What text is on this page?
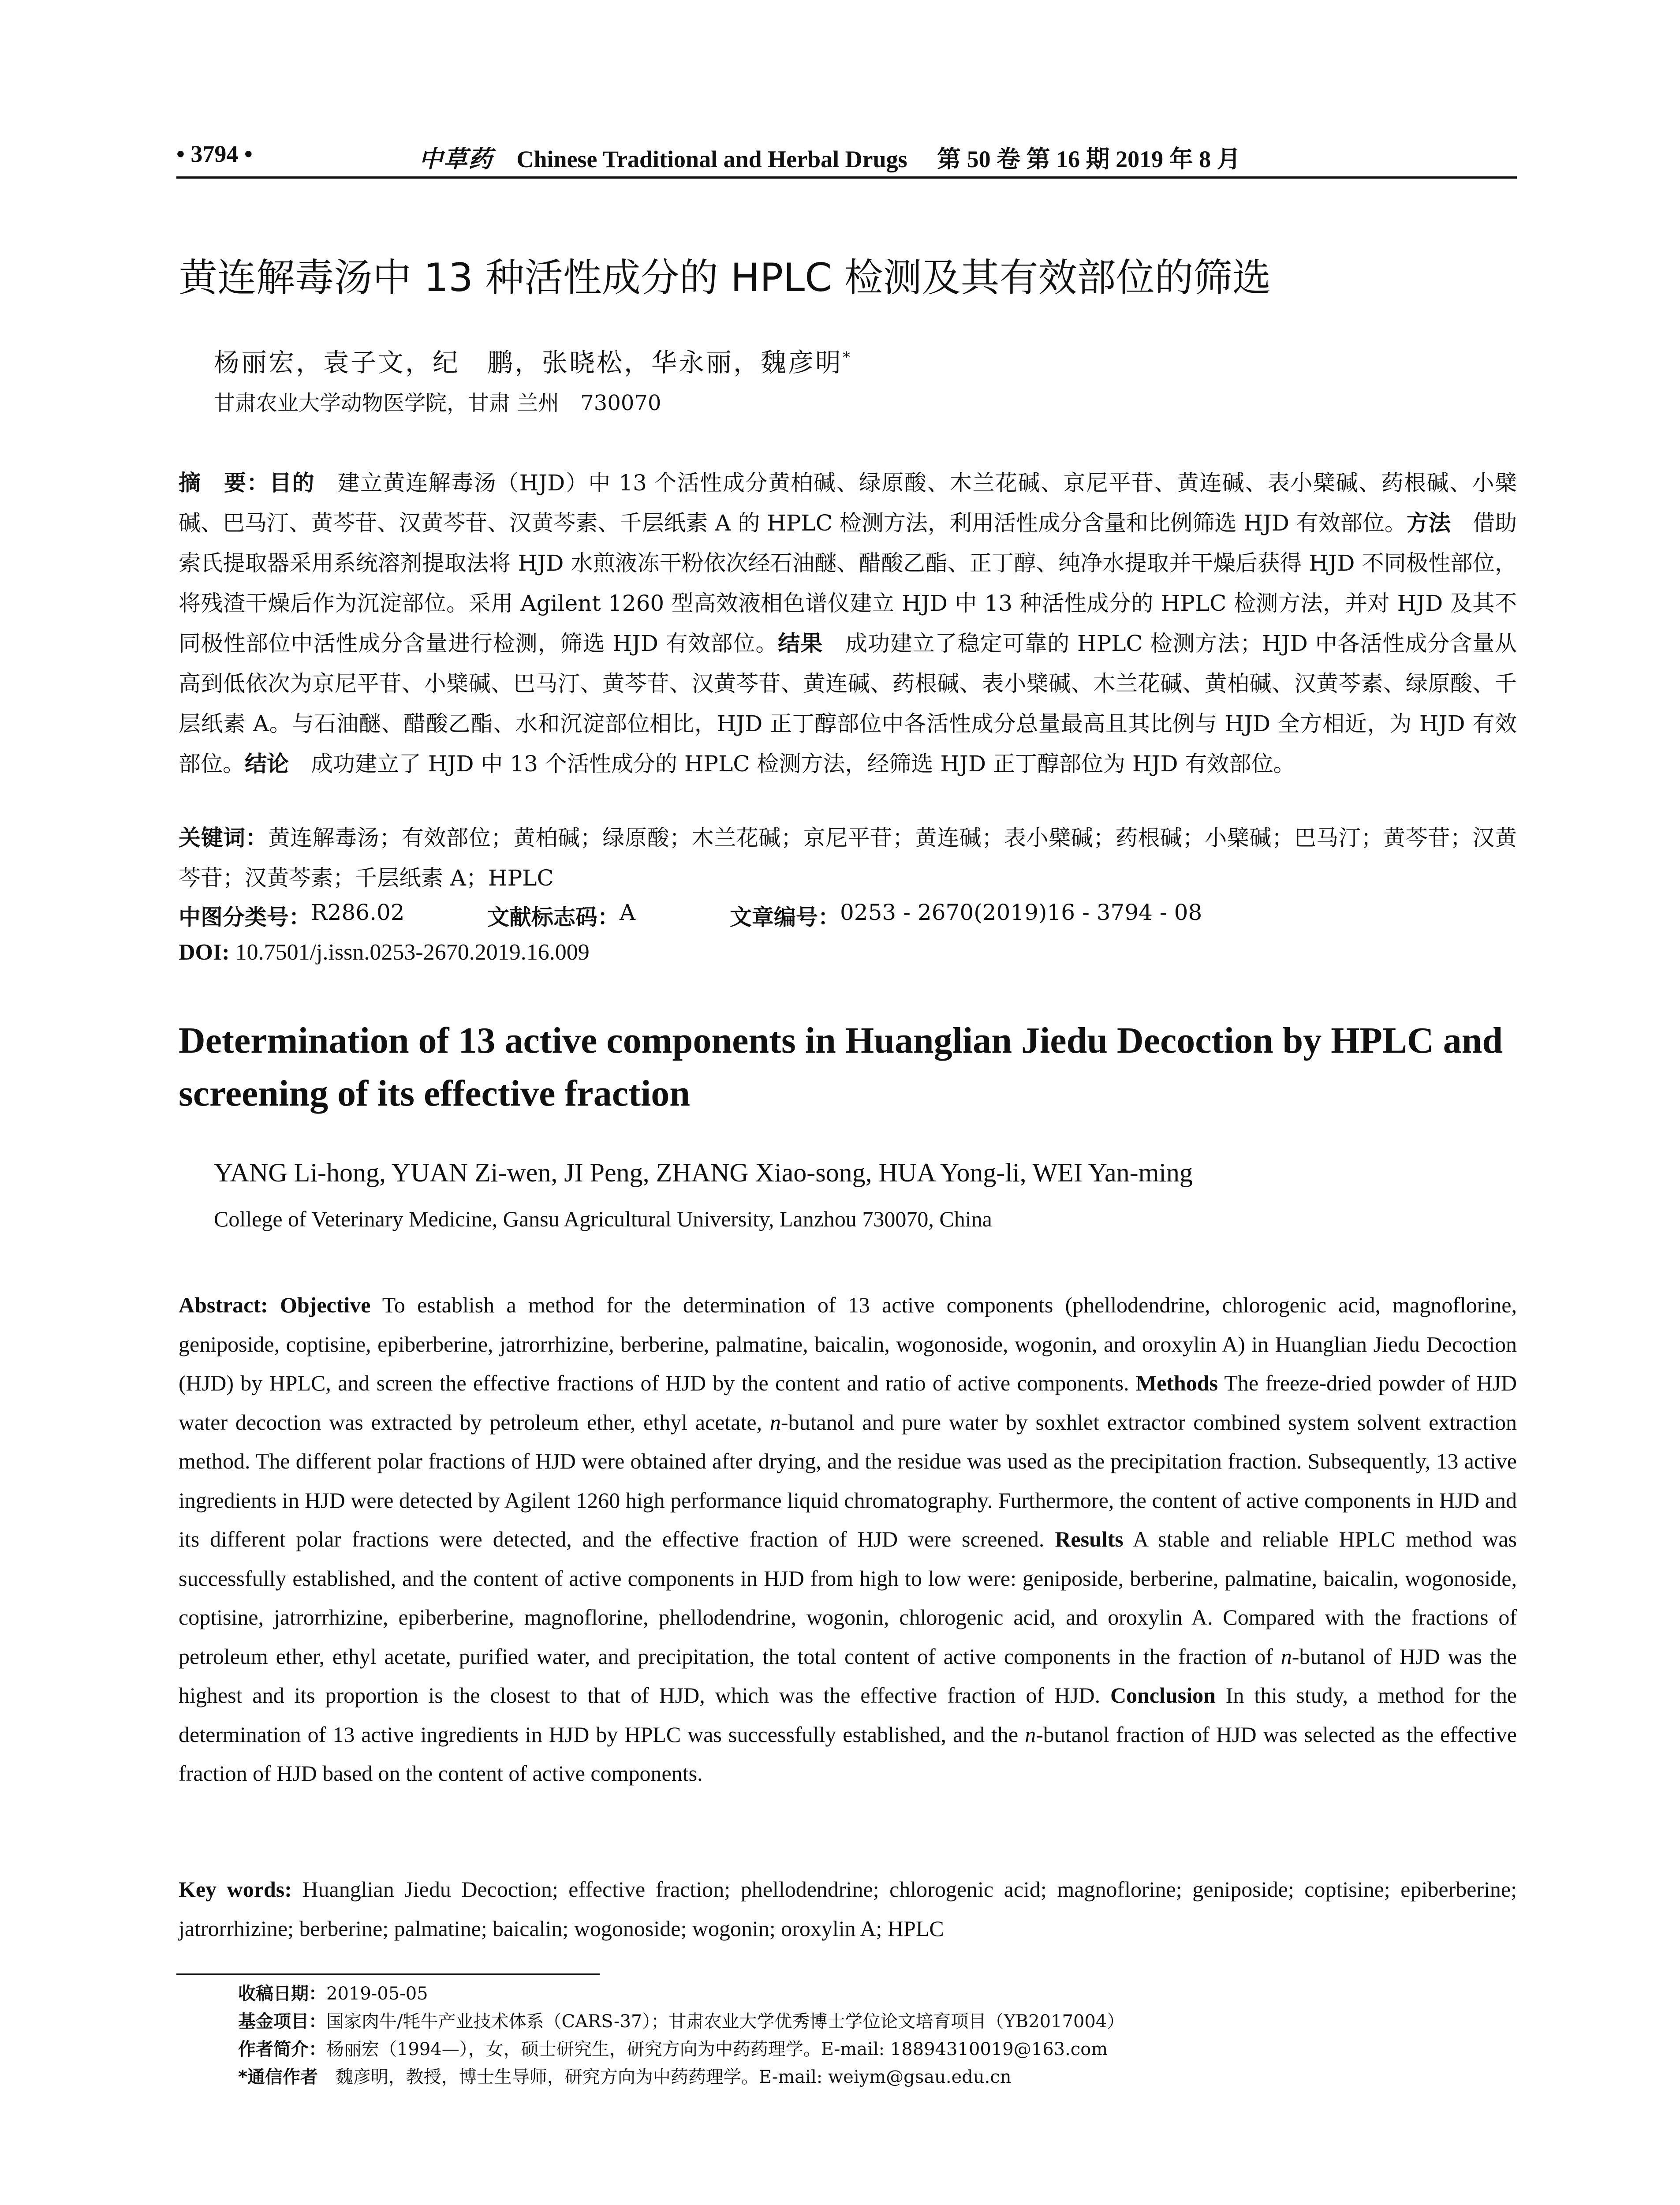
• 3794 •	中草药 Chinese Traditional and Herbal Drugs 第 50 卷 第 16 期 2019 年 8 月
黄连解毒汤中 13 种活性成分的 HPLC 检测及其有效部位的筛选
杨丽宏，袁子文，纪　鹏，张晓松，华永丽，魏彦明*
甘肃农业大学动物医学院，甘肃 兰州　730070
摘　要：目的　建立黄连解毒汤（HJD）中 13 个活性成分黄柏碱、绿原酸、木兰花碱、京尼平苷、黄连碱、表小檗碱、药根碱、小檗碱、巴马汀、黄芩苷、汉黄芩苷、汉黄芩素、千层纸素 A 的 HPLC 检测方法，利用活性成分含量和比例筛选 HJD 有效部位。方法　借助索氏提取器采用系统溶剂提取法将 HJD 水煎液冻干粉依次经石油醚、醋酸乙酯、正丁醇、纯净水提取并干燥后获得 HJD 不同极性部位，将残渣干燥后作为沉淀部位。采用 Agilent 1260 型高效液相色谱仪建立 HJD 中 13 种活性成分的 HPLC 检测方法，并对 HJD 及其不同极性部位中活性成分含量进行检测，筛选 HJD 有效部位。结果　成功建立了稳定可靠的 HPLC 检测方法；HJD 中各活性成分含量从高到低依次为京尼平苷、小檗碱、巴马汀、黄芩苷、汉黄芩苷、黄连碱、药根碱、表小檗碱、木兰花碱、黄柏碱、汉黄芩素、绿原酸、千层纸素 A。与石油醚、醋酸乙酯、水和沉淀部位相比，HJD 正丁醇部位中各活性成分总量最高且其比例与 HJD 全方相近，为 HJD 有效部位。结论　成功建立了 HJD 中 13 个活性成分的 HPLC 检测方法，经筛选 HJD 正丁醇部位为 HJD 有效部位。
关键词：黄连解毒汤；有效部位；黄柏碱；绿原酸；木兰花碱；京尼平苷；黄连碱；表小檗碱；药根碱；小檗碱；巴马汀；黄芩苷；汉黄芩苷；汉黄芩素；千层纸素 A；HPLC
中图分类号： R286.02	文献标志码： A	文章编号： 0253 - 2670(2019)16 - 3794 - 08
DOI: 10.7501/j.issn.0253-2670.2019.16.009
Determination of 13 active components in Huanglian Jiedu Decoction by HPLC and screening of its effective fraction
YANG Li-hong, YUAN Zi-wen, JI Peng, ZHANG Xiao-song, HUA Yong-li, WEI Yan-ming
College of Veterinary Medicine, Gansu Agricultural University, Lanzhou 730070, China
Abstract: Objective To establish a method for the determination of 13 active components (phellodendrine, chlorogenic acid, magnoflorine, geniposide, coptisine, epiberberine, jatrorrhizine, berberine, palmatine, baicalin, wogonoside, wogonin, and oroxylin A) in Huanglian Jiedu Decoction (HJD) by HPLC, and screen the effective fractions of HJD by the content and ratio of active components. Methods The freeze-dried powder of HJD water decoction was extracted by petroleum ether, ethyl acetate, n-butanol and pure water by soxhlet extractor combined system solvent extraction method. The different polar fractions of HJD were obtained after drying, and the residue was used as the precipitation fraction. Subsequently, 13 active ingredients in HJD were detected by Agilent 1260 high performance liquid chromatography. Furthermore, the content of active components in HJD and its different polar fractions were detected, and the effective fraction of HJD were screened. Results A stable and reliable HPLC method was successfully established, and the content of active components in HJD from high to low were: geniposide, berberine, palmatine, baicalin, wogonoside, coptisine, jatrorrhizine, epiberberine, magnoflorine, phellodendrine, wogonin, chlorogenic acid, and oroxylin A. Compared with the fractions of petroleum ether, ethyl acetate, purified water, and precipitation, the total content of active components in the fraction of n-butanol of HJD was the highest and its proportion is the closest to that of HJD, which was the effective fraction of HJD. Conclusion In this study, a method for the determination of 13 active ingredients in HJD by HPLC was successfully established, and the n-butanol fraction of HJD was selected as the effective fraction of HJD based on the content of active components.
Key words: Huanglian Jiedu Decoction; effective fraction; phellodendrine; chlorogenic acid; magnoflorine; geniposide; coptisine; epiberberine; jatrorrhizine; berberine; palmatine; baicalin; wogonoside; wogonin; oroxylin A; HPLC
收稿日期：2019-05-05
基金项目：国家肉牛/牦牛产业技术体系（CARS-37）；甘肃农业大学优秀博士学位论文培育项目（YB2017004）
作者简介：杨丽宏（1994—），女，硕士研究生，研究方向为中药药理学。E-mail: 18894310019@163.com
*通信作者　魏彦明，教授，博士生导师，研究方向为中药药理学。E-mail: weiym@gsau.edu.cn
